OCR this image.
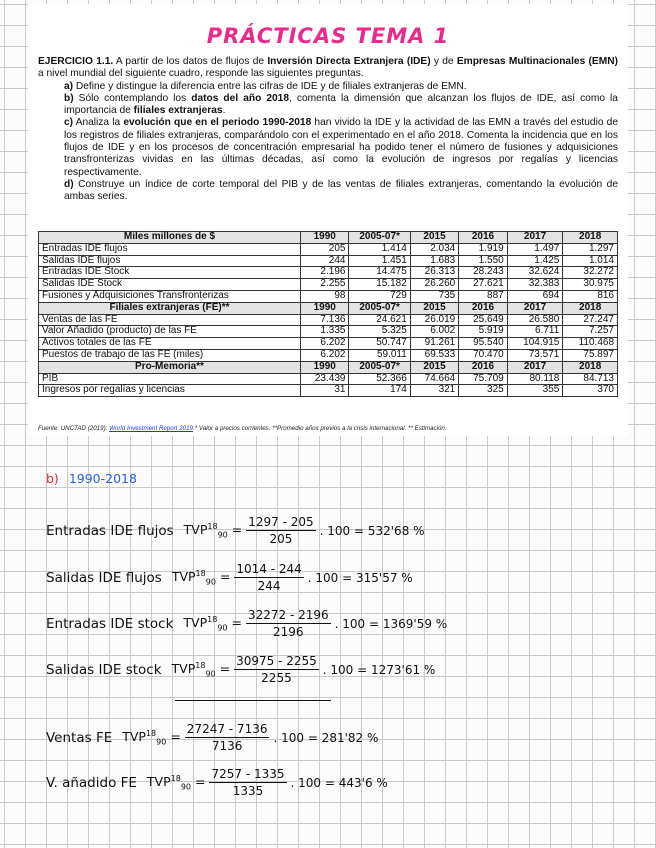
PRÁCTICAS TEMA 1

EJERCICIO 1.1. A partir de los datos de flujos de Inversión Directa Extranjera (IDE) y de Empresas Multinacionales (EMN) a nivel mundial del siguiente cuadro, responde las siguientes preguntas.

a) Define y distingue la diferencia entre las cifras de IDE y de filiales extranjeras de EMN.

b) Sólo contemplando los datos del año 2018, comenta la dimensión que alcanzan los flujos de IDE, así como la importancia de filiales extranjeras.

c) Analiza la evolución que en el periodo 1990-2018 han vivido la IDE y la actividad de las EMN a través del estudio de los registros de filiales extranjeras, comparándolo con el experimentado en el año 2018. Comenta la incidencia que en los flujos de IDE y en los procesos de concentración empresarial ha podido tener el número de fusiones y adquisiciones transfronterizas vividas en las últimas décadas, así como la evolución de ingresos por regalías y licencias respectivamente.

d) Construye un índice de corte temporal del PIB y de las ventas de filiales extranjeras, comentando la evolución de ambas series.

Miles millones de $	1990	2005-07*	2015	2016	2017	2018
Entradas IDE flujos	205	1.414	2.034	1.919	1.497	1.297
Salidas IDE flujos	244	1.451	1.683	1.550	1.425	1.014
Entradas IDE Stock	2.196	14.475	26.313	28.243	32.624	32.272
Salidas IDE Stock	2.255	15.182	26.260	27.621	32.383	30.975
Fusiones y Adquisiciones Transfronterizas	98	729	735	887	694	816
Filiales extranjeras (FE)**	1990	2005-07*	2015	2016	2017	2018
Ventas de las FE	7.136	24.621	26.019	25.649	26.580	27.247
Valor Añadido (producto) de las FE	1.335	5.325	6.002	5.919	6.711	7.257
Activos totales de las FE	6.202	50.747	91.261	95.540	104.915	110.468
Puestos de trabajo de las FE (miles)	6.202	59.011	69.533	70.470	73.571	75.897
Pro-Memoria**	1990	2005-07*	2015	2016	2017	2018
PIB	23.439	52.366	74.664	75.709	80.118	84.713
Ingresos por regalías y licencias	31	174	321	325	355	370
Fuente: UNCTAD (2019): World Investment Report 2019.* Valor a precios corrientes. **Promedio años previos a la crisis internacional. ** Estimación.
b) 1990-2018
Entradas IDE flujos $TVP^{18}_{90} = \frac{1297 - 205}{205}$ . 100 = 532'68 %
Salidas IDE flujos $TVP^{18}_{90} = \frac{1014 - 244}{244}$ . 100 = 315'57 %
Entradas IDE stock $TVP^{18}_{90} = \frac{32272 - 2196}{2196}$ . 100 = 1369'59 %
Salidas IDE stock $TVP^{18}_{90} = \frac{30975 - 2255}{2255}$ . 100 = 1273'61 %
Ventas FE $TVP^{18}_{90} = \frac{27247 - 7136}{7136}$ . 100 = 281'82 %
V. añadido FE $TVP^{18}_{90} = \frac{7257 - 1335}{1335}$ . 100 = 443'6 %
